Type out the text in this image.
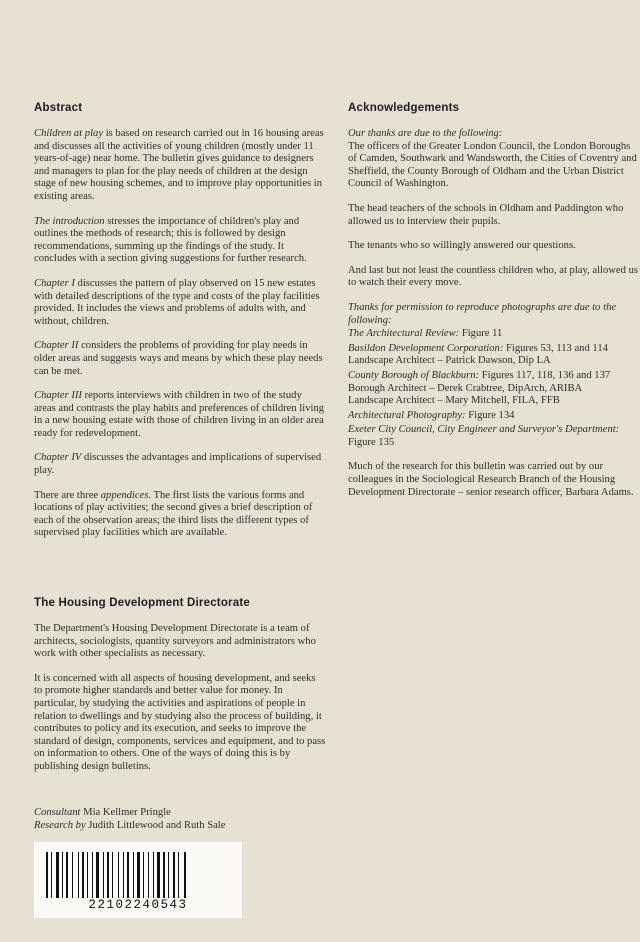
Abstract

Children at play is based on research carried out in 16 housing areas and discusses all the activities of young children (mostly under 11 years-of-age) near home. The bulletin gives guidance to designers and managers to plan for the play needs of children at the design stage of new housing schemes, and to improve play opportunities in existing areas.

The introduction stresses the importance of children's play and outlines the methods of research; this is followed by design recommendations, summing up the findings of the study. It concludes with a section giving suggestions for further research.

Chapter I discusses the pattern of play observed on 15 new estates with detailed descriptions of the type and costs of the play facilities provided. It includes the views and problems of adults with, and without, children.

Chapter II considers the problems of providing for play needs in older areas and suggests ways and means by which these play needs can be met.

Chapter III reports interviews with children in two of the study areas and contrasts the play habits and preferences of children living in a new housing estate with those of children living in an older area ready for redevelopment.

Chapter IV discusses the advantages and implications of supervised play.

There are three appendices. The first lists the various forms and locations of play activities; the second gives a brief description of each of the observation areas; the third lists the different types of supervised play facilities which are available.

The Housing Development Directorate

The Department's Housing Development Directorate is a team of architects, sociologists, quantity surveyors and administrators who work with other specialists as necessary.

It is concerned with all aspects of housing development, and seeks to promote higher standards and better value for money. In particular, by studying the activities and aspirations of people in relation to dwellings and by studying also the process of building, it contributes to policy and its execution, and seeks to improve the standard of design, components, services and equipment, and to pass on information to others. One of the ways of doing this is by publishing design bulletins.

Consultant Mia Kellmer Pringle
Research by Judith Littlewood and Ruth Sale
22102240543
Acknowledgements

Our thanks are due to the following:

The officers of the Greater London Council, the London Boroughs of Camden, Southwark and Wandsworth, the Cities of Coventry and Sheffield, the County Borough of Oldham and the Urban District Council of Washington.

The head teachers of the schools in Oldham and Paddington who allowed us to interview their pupils.

The tenants who so willingly answered our questions.

And last but not least the countless children who, at play, allowed us to watch their every move.

Thanks for permission to reproduce photographs are due to the following:

The Architectural Review: Figure 11

Basildon Development Corporation: Figures 53, 113 and 114

Landscape Architect – Patrick Dawson, Dip LA

County Borough of Blackburn: Figures 117, 118, 136 and 137

Borough Architect – Derek Crabtree, DipArch, ARIBA

Landscape Architect – Mary Mitchell, FILA, FFB

Architectural Photography: Figure 134

Exeter City Council, City Engineer and Surveyor's Department:

Figure 135

Much of the research for this bulletin was carried out by our colleagues in the Sociological Research Branch of the Housing Development Directorate – senior research officer, Barbara Adams.
